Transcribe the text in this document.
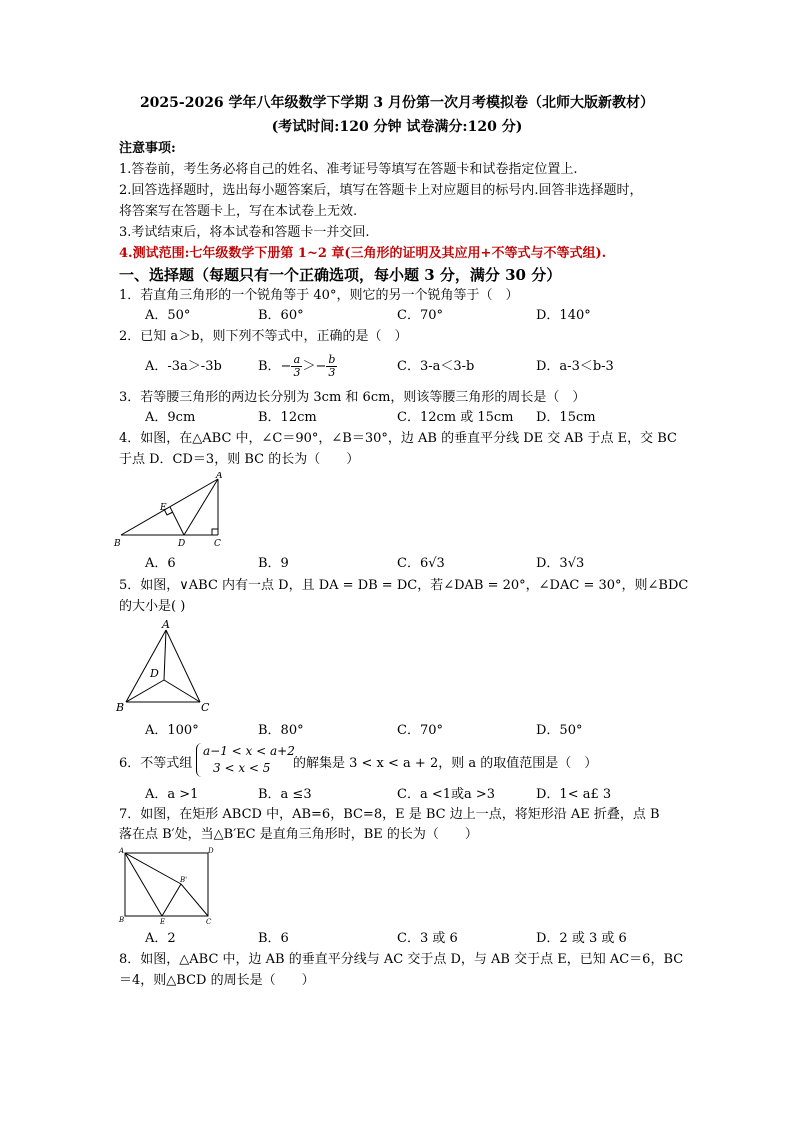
2025-2026 学年八年级数学下学期 3 月份第一次月考模拟卷（北师大版新教材）
(考试时间:120 分钟 试卷满分:120 分)
注意事项:
1.答卷前，考生务必将自己的姓名、准考证号等填写在答题卡和试卷指定位置上.
2.回答选择题时，选出每小题答案后，填写在答题卡上对应题目的标号内.回答非选择题时，
将答案写在答题卡上，写在本试卷上无效.
3.考试结束后，将本试卷和答题卡一并交回.
4.测试范围:七年级数学下册第 1~2 章(三角形的证明及其应用+不等式与不等式组).
一、选择题（每题只有一个正确选项，每小题 3 分，满分 30 分）
1．若直角三角形的一个锐角等于 40°，则它的另一个锐角等于（　）
A．50°	B．60°	C．70°	D．140°
2．已知 a＞b，则下列不等式中，正确的是（　）
A．-3a＞-3b	B．− $\frac{a}{3} >- \frac{b}{3}$	C．3-a＜3-b	D．a-3＜b-3
3．若等腰三角形的两边长分别为 3cm 和 6cm，则该等腰三角形的周长是（　）
A．9cm	B．12cm	C．12cm 或 15cm D．15cm
4．如图，在△ABC 中，∠C＝90°，∠B＝30°，边 AB 的垂直平分线 DE 交 AB 于点 E，交 BC
于点 D．CD＝3，则 BC 的长为（　　）
A
B	C
D
E
A．6	B．9	C．6√3	D．3√3
5．如图，∨ABC 内有一点 D，且 DA = DB = DC，若∠DAB = 20°，∠DAC = 30°，则∠BDC
的大小是( )
A
B	C
D
A．100°	B．80°	C．70°	D．50°
6．不等式组
a−1 < x < a+2
3 < x < 5	的解集是 3 < x < a + 2，则 a 的取值范围是（　）
A．a >1	B．a ≤3	C．a <1或a >3	D．1< a£ 3
7．如图，在矩形 ABCD 中，AB=6，BC=8，E 是 BC 边上一点，将矩形沿 AE 折叠，点 B
落在点 B′处，当△B′EC 是直角三角形时，BE 的长为（　　）
A	D
B	E	C
B'
A．2	B．6	C．3 或 6	D．2 或 3 或 6
8．如图，△ABC 中，边 AB 的垂直平分线与 AC 交于点 D，与 AB 交于点 E，已知 AC＝6，BC
＝4，则△BCD 的周长是（　　）
